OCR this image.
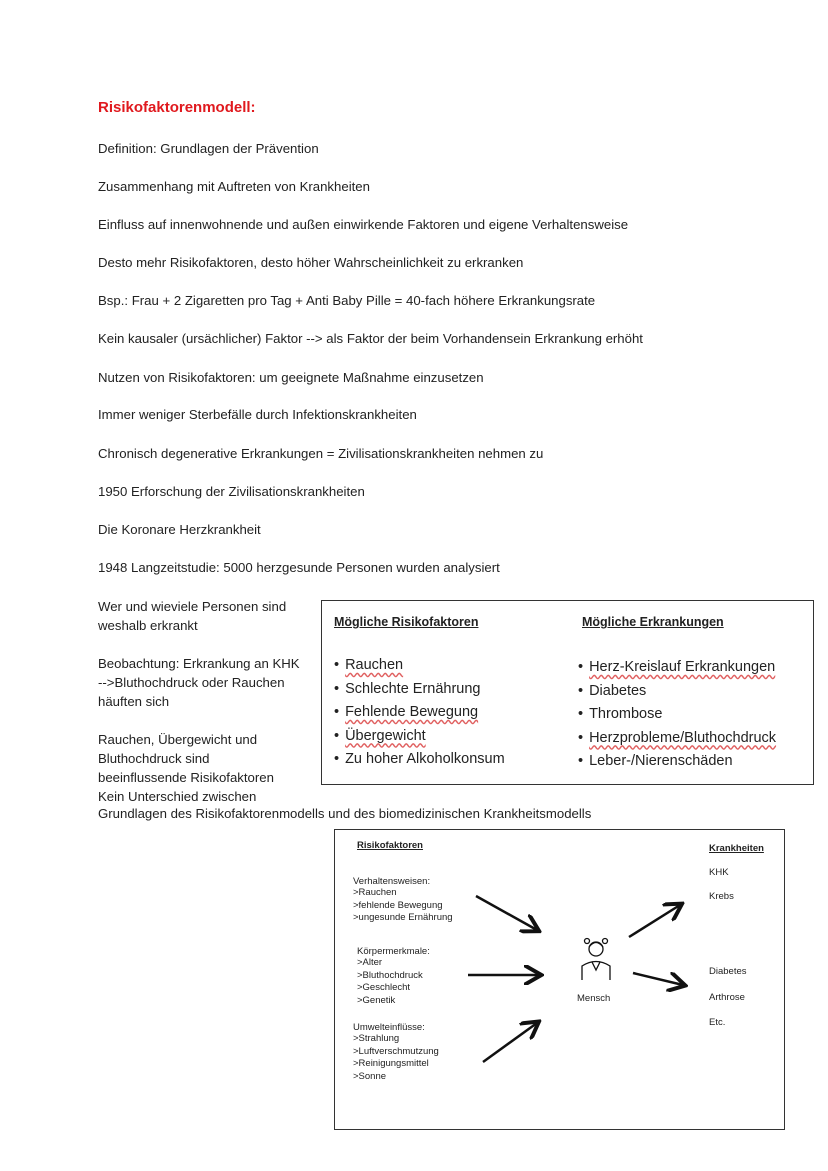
Risikofaktorenmodell:
Definition: Grundlagen der Prävention
Zusammenhang mit Auftreten von Krankheiten
Einfluss auf innenwohnende und außen einwirkende Faktoren und eigene Verhaltensweise
Desto mehr Risikofaktoren, desto höher Wahrscheinlichkeit zu erkranken
Bsp.: Frau + 2 Zigaretten pro Tag + Anti Baby Pille = 40-fach höhere Erkrankungsrate
Kein kausaler (ursächlicher) Faktor --> als Faktor der beim Vorhandensein Erkrankung erhöht
Nutzen von Risikofaktoren: um geeignete Maßnahme einzusetzen
Immer weniger Sterbefälle durch Infektionskrankheiten
Chronisch degenerative Erkrankungen = Zivilisationskrankheiten nehmen zu
1950 Erforschung der Zivilisationskrankheiten
Die Koronare Herzkrankheit
1948 Langzeitstudie: 5000 herzgesunde Personen wurden analysiert
Wer und wieviele Personen sind
weshalb erkrankt
Beobachtung: Erkrankung an KHK
-->Bluthochdruck oder Rauchen
häuften sich
Rauchen, Übergewicht und
Bluthochdruck sind
beeinflussende Risikofaktoren
Kein Unterschied zwischen
Grundlagen des Risikofaktorenmodells und des biomedizinischen Krankheitsmodells
Mögliche Risikofaktoren	Mögliche Erkrankungen
• Rauchen
• Schlechte Ernährung
• Fehlende Bewegung
• Übergewicht
• Zu hoher Alkoholkonsum
• Herz-Kreislauf Erkrankungen
• Diabetes
• Thrombose
• Herzprobleme/Bluthochdruck
• Leber-/Nierenschäden
Risikofaktoren	Krankheiten
Verhaltensweisen:
>Rauchen
>fehlende Bewegung
>ungesunde Ernährung
Körpermerkmale:
>Alter
>Bluthochdruck
>Geschlecht
>Genetik
Umwelteinflüsse:
>Strahlung
>Luftverschmutzung
>Reinigungsmittel
>Sonne
Mensch
KHK
Krebs
Diabetes
Arthrose
Etc.
